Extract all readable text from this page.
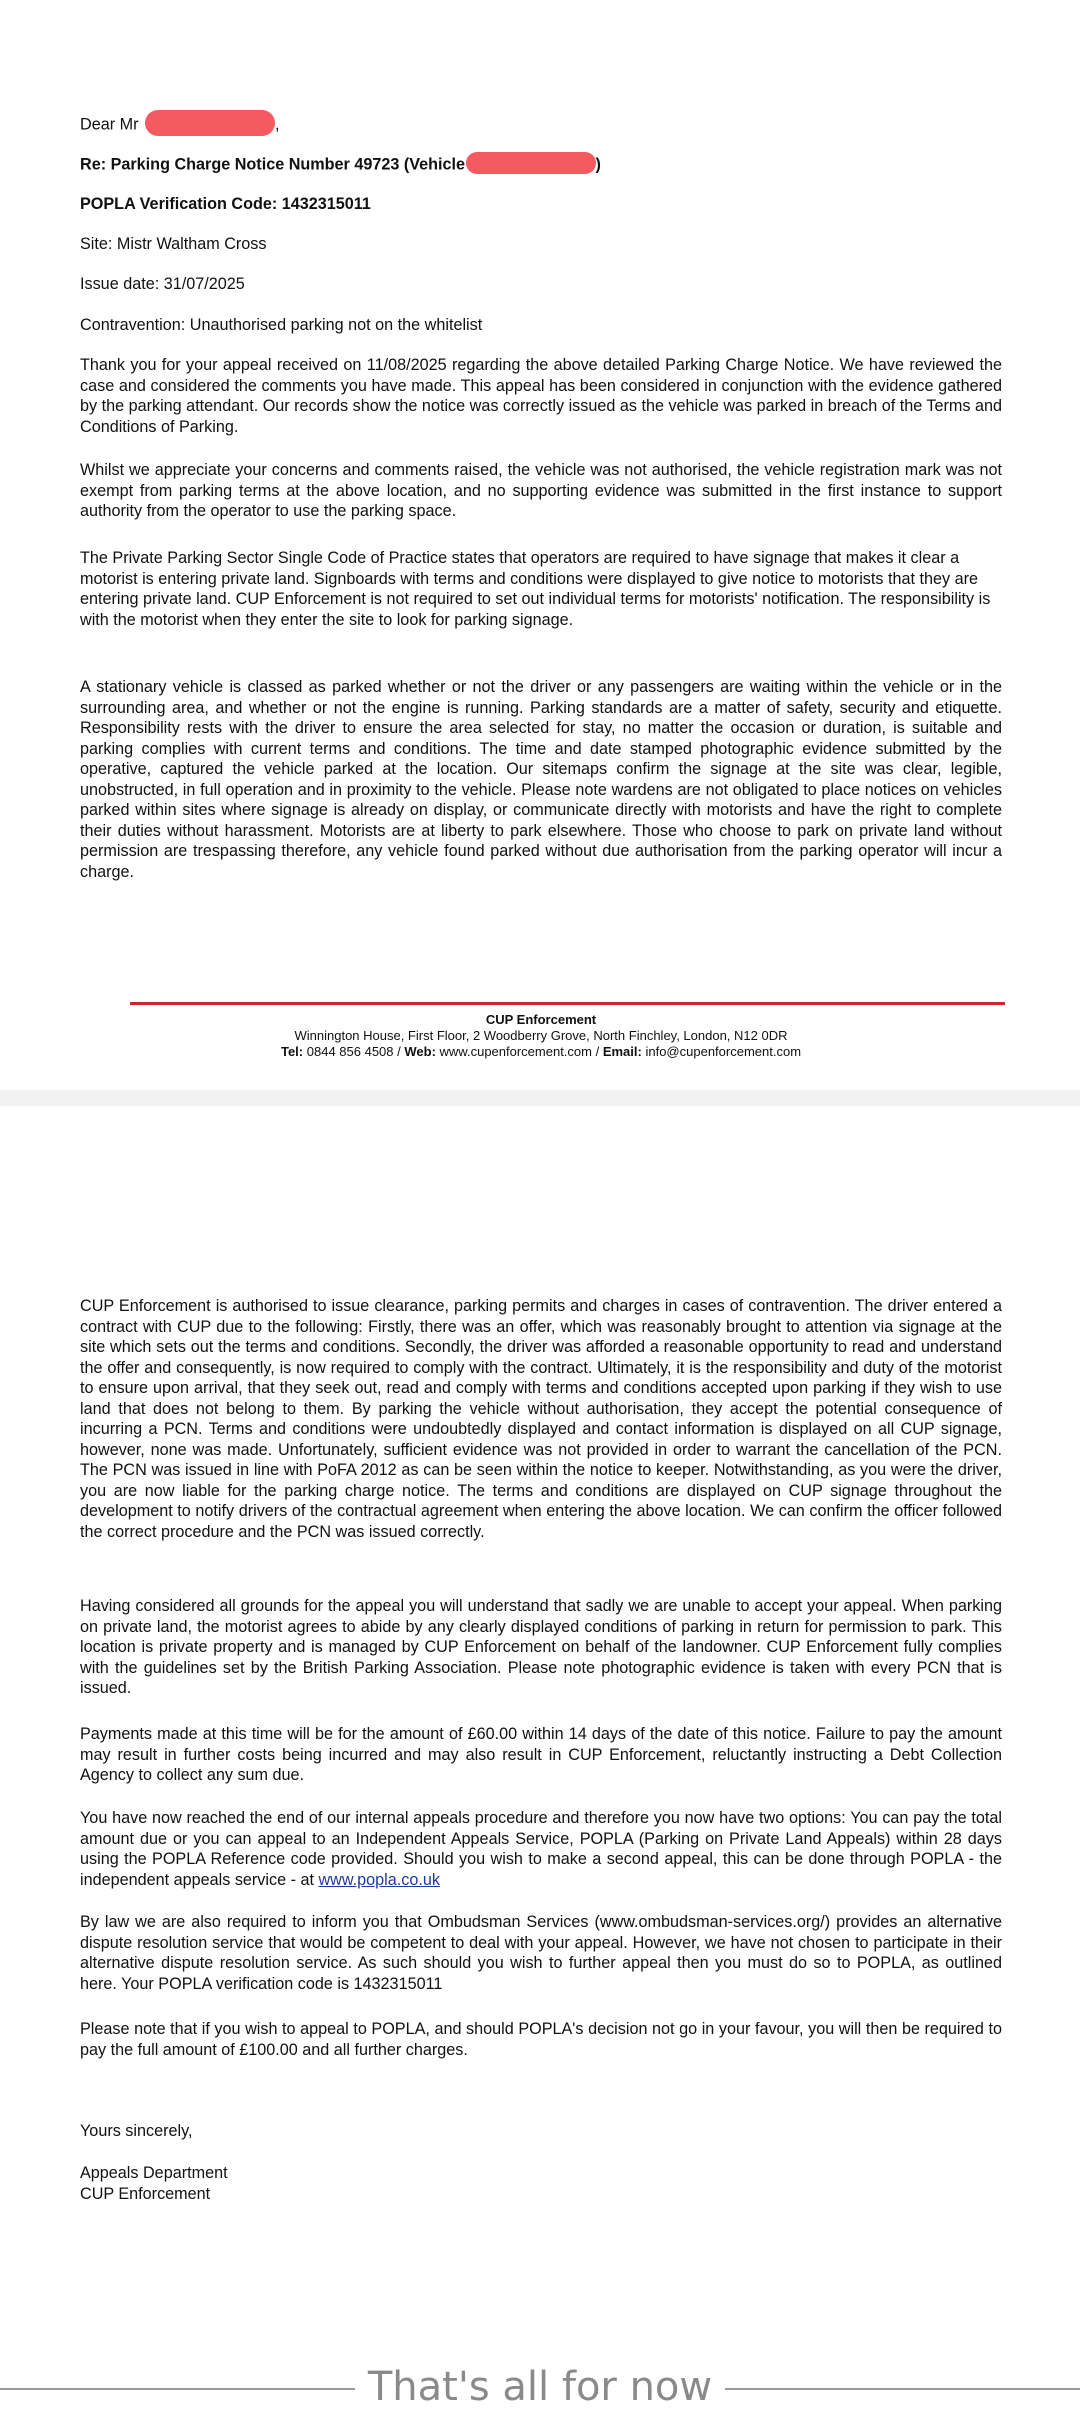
Dear Mr	,

Re: Parking Charge Notice Number 49723 (Vehicle	)

POPLA Verification Code: 1432315011

Site: Mistr Waltham Cross

Issue date: 31/07/2025

Contravention: Unauthorised parking not on the whitelist

Thank you for your appeal received on 11/08/2025 regarding the above detailed Parking Charge Notice. We have reviewed the case and considered the comments you have made. This appeal has been considered in conjunction with the evidence gathered by the parking attendant. Our records show the notice was correctly issued as the vehicle was parked in breach of the Terms and Conditions of Parking.

Whilst we appreciate your concerns and comments raised, the vehicle was not authorised, the vehicle registration mark was not exempt from parking terms at the above location, and no supporting evidence was submitted in the first instance to support authority from the operator to use the parking space.

The Private Parking Sector Single Code of Practice states that operators are required to have signage that makes it clear a motorist is entering private land. Signboards with terms and conditions were displayed to give notice to motorists that they are entering private land. CUP Enforcement is not required to set out individual terms for motorists' notification. The responsibility is with the motorist when they enter the site to look for parking signage.

A stationary vehicle is classed as parked whether or not the driver or any passengers are waiting within the vehicle or in the surrounding area, and whether or not the engine is running. Parking standards are a matter of safety, security and etiquette. Responsibility rests with the driver to ensure the area selected for stay, no matter the occasion or duration, is suitable and parking complies with current terms and conditions. The time and date stamped photographic evidence submitted by the operative, captured the vehicle parked at the location. Our sitemaps confirm the signage at the site was clear, legible, unobstructed, in full operation and in proximity to the vehicle. Please note wardens are not obligated to place notices on vehicles parked within sites where signage is already on display, or communicate directly with motorists and have the right to complete their duties without harassment. Motorists are at liberty to park elsewhere. Those who choose to park on private land without permission are trespassing therefore, any vehicle found parked without due authorisation from the parking operator will incur a charge.

CUP Enforcement
Winnington House, First Floor, 2 Woodberry Grove, North Finchley, London, N12 0DR
Tel: 0844 856 4508 / Web: www.cupenforcement.com / Email: info@cupenforcement.com

CUP Enforcement is authorised to issue clearance, parking permits and charges in cases of contravention. The driver entered a contract with CUP due to the following: Firstly, there was an offer, which was reasonably brought to attention via signage at the site which sets out the terms and conditions. Secondly, the driver was afforded a reasonable opportunity to read and understand the offer and consequently, is now required to comply with the contract. Ultimately, it is the responsibility and duty of the motorist to ensure upon arrival, that they seek out, read and comply with terms and conditions accepted upon parking if they wish to use land that does not belong to them. By parking the vehicle without authorisation, they accept the potential consequence of incurring a PCN. Terms and conditions were undoubtedly displayed and contact information is displayed on all CUP signage, however, none was made. Unfortunately, sufficient evidence was not provided in order to warrant the cancellation of the PCN. The PCN was issued in line with PoFA 2012 as can be seen within the notice to keeper. Notwithstanding, as you were the driver, you are now liable for the parking charge notice. The terms and conditions are displayed on CUP signage throughout the development to notify drivers of the contractual agreement when entering the above location. We can confirm the officer followed the correct procedure and the PCN was issued correctly.

Having considered all grounds for the appeal you will understand that sadly we are unable to accept your appeal. When parking on private land, the motorist agrees to abide by any clearly displayed conditions of parking in return for permission to park. This location is private property and is managed by CUP Enforcement on behalf of the landowner. CUP Enforcement fully complies with the guidelines set by the British Parking Association. Please note photographic evidence is taken with every PCN that is issued.

Payments made at this time will be for the amount of £60.00 within 14 days of the date of this notice. Failure to pay the amount may result in further costs being incurred and may also result in CUP Enforcement, reluctantly instructing a Debt Collection Agency to collect any sum due.

You have now reached the end of our internal appeals procedure and therefore you now have two options: You can pay the total amount due or you can appeal to an Independent Appeals Service, POPLA (Parking on Private Land Appeals) within 28 days using the POPLA Reference code provided. Should you wish to make a second appeal, this can be done through POPLA - the independent appeals service - at www.popla.co.uk

By law we are also required to inform you that Ombudsman Services (www.ombudsman-services.org/) provides an alternative dispute resolution service that would be competent to deal with your appeal. However, we have not chosen to participate in their alternative dispute resolution service. As such should you wish to further appeal then you must do so to POPLA, as outlined here. Your POPLA verification code is 1432315011

Please note that if you wish to appeal to POPLA, and should POPLA's decision not go in your favour, you will then be required to pay the full amount of £100.00 and all further charges.

Yours sincerely,

Appeals Department

CUP Enforcement

That's all for now
